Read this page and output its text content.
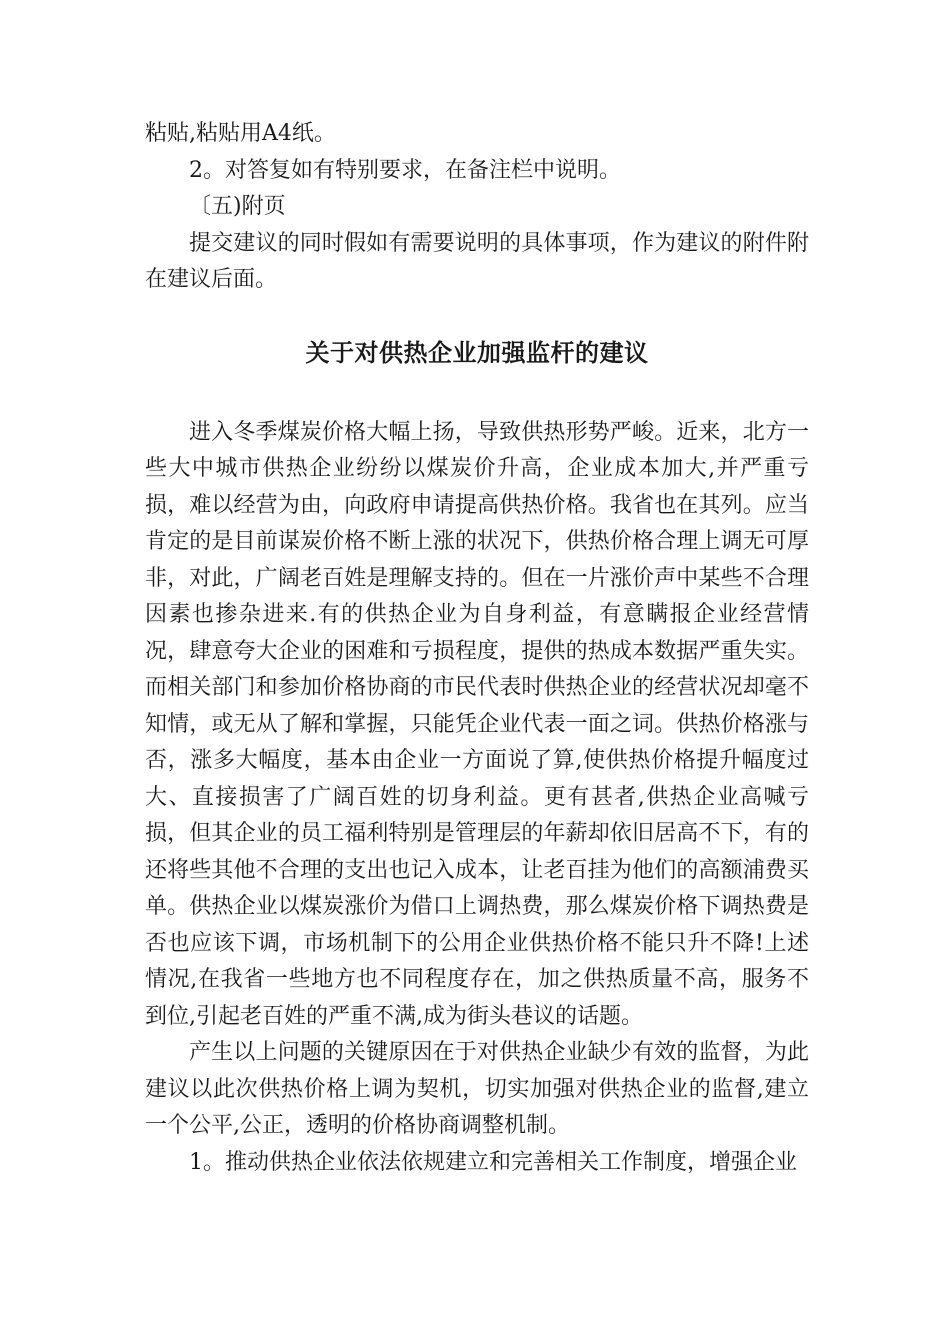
粘贴,粘贴用A4纸。

2。对答复如有特别要求，在备注栏中说明。

〔五)附页

提交建议的同时假如有需要说明的具体事项，作为建议的附件附在建议后面。

关于对供热企业加强监杆的建议

进入冬季煤炭价格大幅上扬，导致供热形势严峻。近来，北方一些大中城市供热企业纷纷以煤炭价升高，企业成本加大,并严重亏损，难以经营为由，向政府申请提高供热价格。我省也在其列。应当肯定的是目前谋炭价格不断上涨的状况下，供热价格合理上调无可厚非，对此，广阔老百姓是理解支持的。但在一片涨价声中某些不合理因素也掺杂进来.有的供热企业为自身利益，有意瞒报企业经营情况，肆意夸大企业的困难和亏损程度，提供的热成本数据严重失实。而相关部门和参加价格协商的市民代表时供热企业的经营状况却毫不知情，或无从了解和掌握，只能凭企业代表一面之词。供热价格涨与否，涨多大幅度，基本由企业一方面说了算,使供热价格提升幅度过大、直接损害了广阔百姓的切身利益。更有甚者,供热企业高喊亏损，但其企业的员工福利特别是管理层的年薪却依旧居高不下，有的还将些其他不合理的支出也记入成本，让老百挂为他们的高额浦费买单。供热企业以煤炭涨价为借口上调热费，那么煤炭价格下调热费是否也应该下调，市场机制下的公用企业供热价格不能只升不降!上述情况,在我省一些地方也不同程度存在，加之供热质量不高，服务不到位,引起老百姓的严重不满,成为街头巷议的话题。

产生以上问题的关键原因在于对供热企业缺少有效的监督，为此建议以此次供热价格上调为契机，切实加强对供热企业的监督,建立一个公平,公正，透明的价格协商调整机制。

1。推动供热企业依法依规建立和完善相关工作制度，增强企业
